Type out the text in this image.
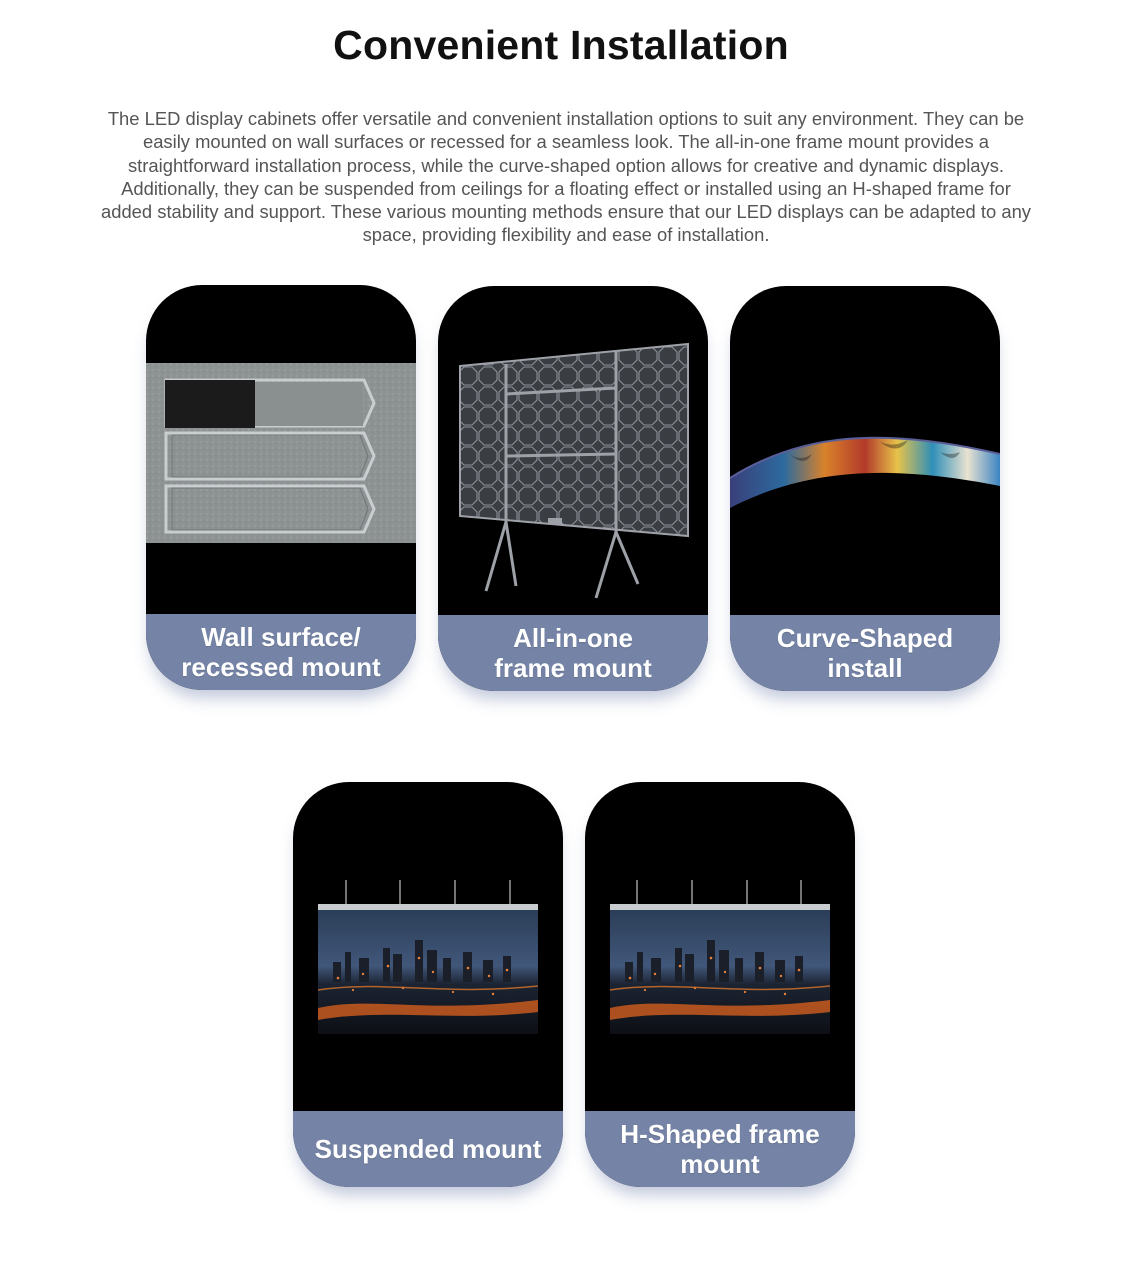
Convenient Installation

The LED display cabinets offer versatile and convenient installation options to suit any environment. They can be easily mounted on wall surfaces or recessed for a seamless look. The all-in-one frame mount provides a straightforward installation process, while the curve-shaped option allows for creative and dynamic displays. Additionally, they can be suspended from ceilings for a floating effect or installed using an H-shaped frame for added stability and support. These various mounting methods ensure that our LED displays can be adapted to any space, providing flexibility and ease of installation.

Wall surface/
recessed mount
All-in-one
frame mount
Curve-Shaped
install
Suspended mount	H-Shaped frame
mount
